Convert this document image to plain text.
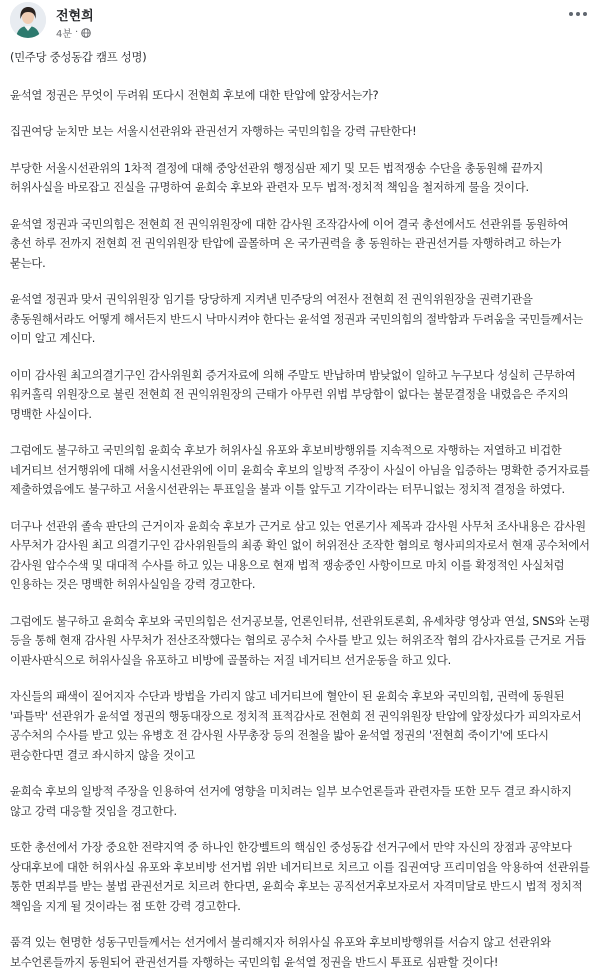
전현희
4분 ·

(민주당 중성동갑 캠프 성명)

윤석열 정권은 무엇이 두려워 또다시 전현희 후보에 대한 탄압에 앞장서는가?

집권여당 눈치만 보는 서울시선관위와 관권선거 자행하는 국민의힘을 강력 규탄한다!

부당한 서울시선관위의 1차적 결정에 대해 중앙선관위 행정심판 제기 및 모든 법적쟁송 수단을 총동원해 끝까지 허위사실을 바로잡고 진실을 규명하여 윤희숙 후보와 관련자 모두 법적·정치적 책임을 철저하게 물을 것이다.

윤석열 정권과 국민의힘은 전현희 전 권익위원장에 대한 감사원 조작감사에 이어 결국 총선에서도 선관위를 동원하여 총선 하루 전까지 전현희 전 권익위원장 탄압에 골몰하며 온 국가권력을 총 동원하는 관권선거를 자행하려고 하는가 묻는다.

윤석열 정권과 맞서 권익위원장 임기를 당당하게 지켜낸 민주당의 여전사 전현희 전 권익위원장을 권력기관을 총동원해서라도 어떻게 해서든지 반드시 낙마시켜야 한다는 윤석열 정권과 국민의힘의 절박함과 두려움을 국민들께서는 이미 알고 계신다.

이미 감사원 최고의결기구인 감사위원회 증거자료에 의해 주말도 반납하며 밤낮없이 일하고 누구보다 성실히 근무하여 워커홀릭 위원장으로 불린 전현희 전 권익위원장의 근태가 아무런 위법 부당함이 없다는 불문결정을 내렸음은 주지의 명백한 사실이다.

그럼에도 불구하고 국민의힘 윤희숙 후보가 허위사실 유포와 후보비방행위를 지속적으로 자행하는 저열하고 비겁한 네거티브 선거행위에 대해 서울시선관위에 이미 윤희숙 후보의 일방적 주장이 사실이 아님을 입증하는 명확한 증거자료를 제출하였음에도 불구하고 서울시선관위는 투표일을 불과 이틀 앞두고 기각이라는 터무니없는 정치적 결정을 하였다.

더구나 선관위 졸속 판단의 근거이자 윤희숙 후보가 근거로 삼고 있는 언론기사 제목과 감사원 사무처 조사내용은 감사원 사무처가 감사원 최고 의결기구인 감사위원들의 최종 확인 없이 허위전산 조작한 혐의로 형사피의자로서 현재 공수처에서 감사원 압수수색 및 대대적 수사를 하고 있는 내용으로 현재 법적 쟁송중인 사항이므로 마치 이를 확정적인 사실처럼 인용하는 것은 명백한 허위사실임을 강력 경고한다.

그럼에도 불구하고 윤희숙 후보와 국민의힘은 선거공보물, 언론인터뷰, 선관위토론회, 유세차량 영상과 연설, SNS와 논평 등을 통해 현재 감사원 사무처가 전산조작했다는 혐의로 공수처 수사를 받고 있는 허위조작 혐의 감사자료를 근거로 거듭 이판사판식으로 허위사실을 유포하고 비방에 골몰하는 저질 네거티브 선거운동을 하고 있다.

자신들의 패색이 짙어지자 수단과 방법을 가리지 않고 네거티브에 혈안이 된 윤희숙 후보와 국민의힘, 권력에 동원된 '파틀막' 선관위가 윤석열 정권의 행동대장으로 정치적 표적감사로 전현희 전 권익위원장 탄압에 앞장섰다가 피의자로서 공수처의 수사를 받고 있는 유병호 전 감사원 사무총장 등의 전철을 밟아 윤석열 정권의 '전현희 죽이기'에 또다시 편승한다면 결코 좌시하지 않을 것이고

윤희숙 후보의 일방적 주장을 인용하여 선거에 영향을 미치려는 일부 보수언론들과 관련자들 또한 모두 결코 좌시하지 않고 강력 대응할 것임을 경고한다.

또한 총선에서 가장 중요한 전략지역 중 하나인 한강벨트의 핵심인 중성동갑 선거구에서 만약 자신의 장점과 공약보다 상대후보에 대한 허위사실 유포와 후보비방 선거법 위반 네거티브로 치르고 이를 집권여당 프리미엄을 악용하여 선관위를 통한 면죄부를 받는 불법 관권선거로 치르려 한다면, 윤희숙 후보는 공직선거후보자로서 자격미달로 반드시 법적 정치적 책임을 지게 될 것이라는 점 또한 강력 경고한다.

품격 있는 현명한 성동구민들께서는 선거에서 불리해지자 허위사실 유포와 후보비방행위를 서슴지 않고 선관위와 보수언론들까지 동원되어 관권선거를 자행하는 국민의힘 윤석열 정권을 반드시 투표로 심판할 것이다!
